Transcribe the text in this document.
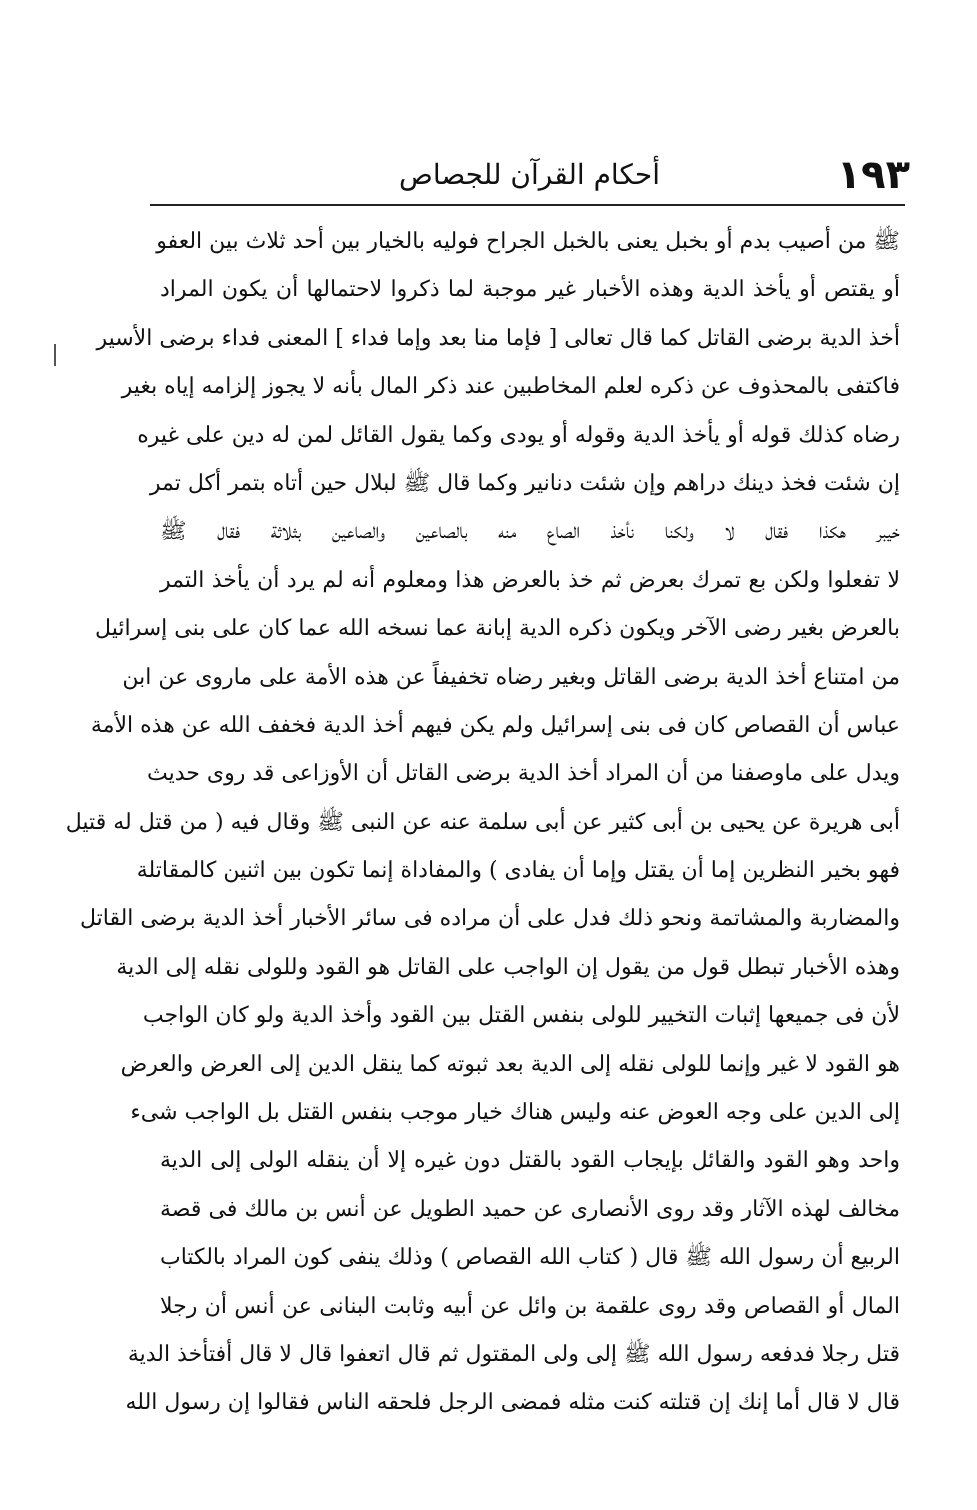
١٩٣
أحكام القرآن للجصاص
ﷺ من أصيب بدم أو بخبل يعنى بالخبل الجراح فوليه بالخيار بين أحد ثلاث بين العفو
أو يقتص أو يأخذ الدية وهذه الأخبار غير موجبة لما ذكروا لاحتمالها أن يكون المراد
أخذ الدية برضى القاتل كما قال تعالى [ فإما منا بعد وإما فداء ] المعنى فداء برضى الأسير
فاكتفى بالمحذوف عن ذكره لعلم المخاطبين عند ذكر المال بأنه لا يجوز إلزامه إياه بغير
رضاه كذلك قوله أو يأخذ الدية وقوله أو يودى وكما يقول القائل لمن له دين على غيره
إن شئت فخذ دينك دراهم وإن شئت دنانير وكما قال ﷺ لبلال حين أتاه بتمر أكل تمر
خيبر هكذا فقال لا ولكنا نأخذ الصاع منه بالصاعين والصاعين بثلاثة فقال ﷺ
لا تفعلوا ولكن بع تمرك بعرض ثم خذ بالعرض هذا ومعلوم أنه لم يرد أن يأخذ التمر
بالعرض بغير رضى الآخر ويكون ذكره الدية إبانة عما نسخه الله عما كان على بنى إسرائيل
من امتناع أخذ الدية برضى القاتل وبغير رضاه تخفيفاً عن هذه الأمة على ماروى عن ابن
عباس أن القصاص كان فى بنى إسرائيل ولم يكن فيهم أخذ الدية فخفف الله عن هذه الأمة
ويدل على ماوصفنا من أن المراد أخذ الدية برضى القاتل أن الأوزاعى قد روى حديث
أبى هريرة عن يحيى بن أبى كثير عن أبى سلمة عنه عن النبى ﷺ وقال فيه ( من قتل له قتيل
فهو بخير النظرين إما أن يقتل وإما أن يفادى ) والمفاداة إنما تكون بين اثنين كالمقاتلة
والمضاربة والمشاتمة ونحو ذلك فدل على أن مراده فى سائر الأخبار أخذ الدية برضى القاتل
وهذه الأخبار تبطل قول من يقول إن الواجب على القاتل هو القود وللولى نقله إلى الدية
لأن فى جميعها إثبات التخيير للولى بنفس القتل بين القود وأخذ الدية ولو كان الواجب
هو القود لا غير وإنما للولى نقله إلى الدية بعد ثبوته كما ينقل الدين إلى العرض والعرض
إلى الدين على وجه العوض عنه وليس هناك خيار موجب بنفس القتل بل الواجب شىء
واحد وهو القود والقائل بإيجاب القود بالقتل دون غيره إلا أن ينقله الولى إلى الدية
مخالف لهذه الآثار وقد روى الأنصارى عن حميد الطويل عن أنس بن مالك فى قصة
الربيع أن رسول الله ﷺ قال ( كتاب الله القصاص ) وذلك ينفى كون المراد بالكتاب
المال أو القصاص وقد روى علقمة بن وائل عن أبيه وثابت البنانى عن أنس أن رجلا
قتل رجلا فدفعه رسول الله ﷺ إلى ولى المقتول ثم قال اتعفوا قال لا قال أفتأخذ الدية
قال لا قال أما إنك إن قتلته كنت مثله فمضى الرجل فلحقه الناس فقالوا إن رسول الله
